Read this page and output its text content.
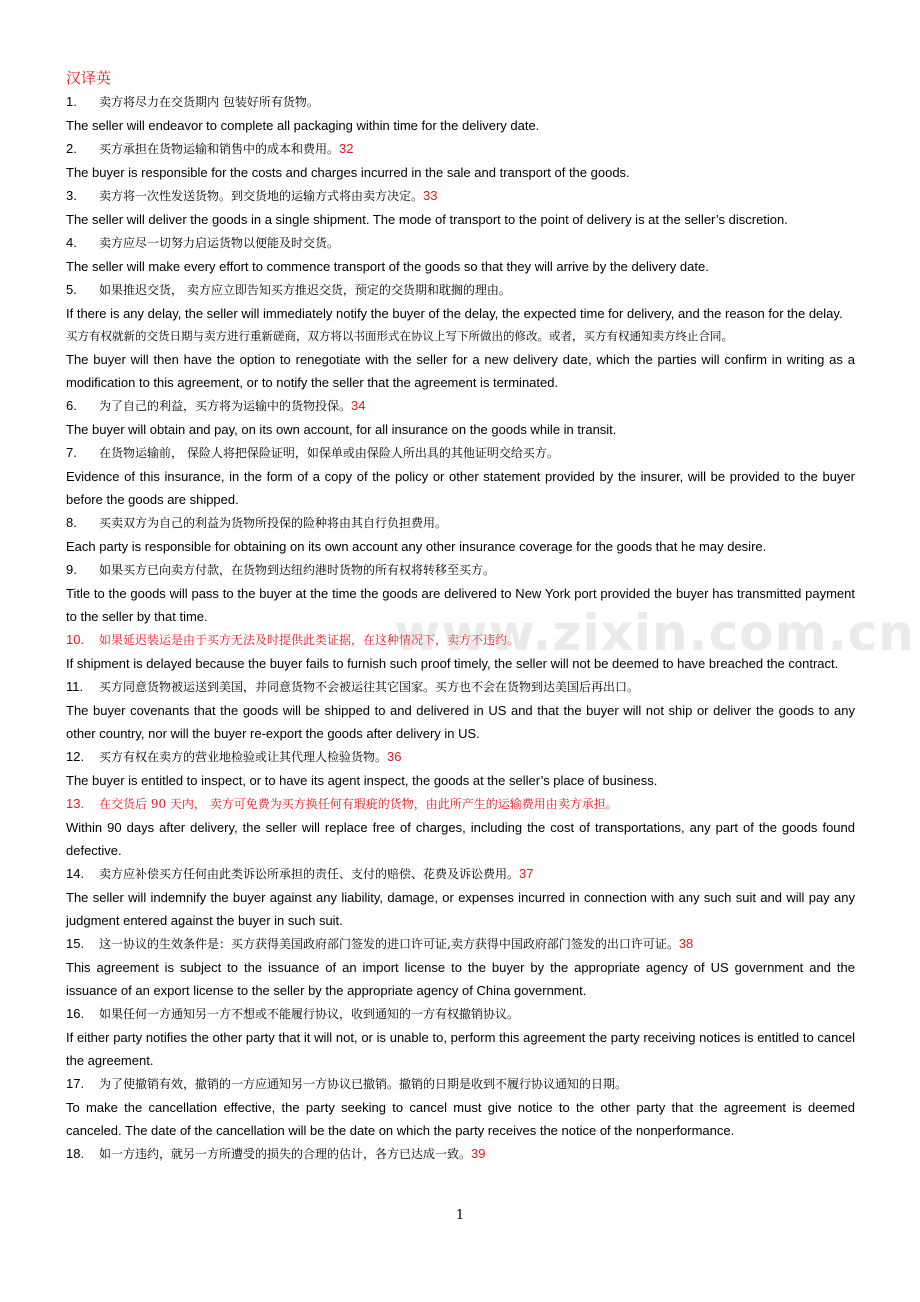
汉译英
1. 卖方将尽力在交货期内 包装好所有货物。
The seller will endeavor to complete all packaging within time for the delivery date.
2. 买方承担在货物运输和销售中的成本和费用。32
The buyer is responsible for the costs and charges incurred in the sale and transport of the goods.
3. 卖方将一次性发送货物。到交货地的运输方式将由卖方决定。33
The seller will deliver the goods in a single shipment. The mode of transport to the point of delivery is at the seller’s discretion.
4. 卖方应尽一切努力启运货物以便能及时交货。
The seller will make every effort to commence transport of the goods so that they will arrive by the delivery date.
5. 如果推迟交货， 卖方应立即告知买方推迟交货，预定的交货期和耽搁的理由。
If there is any delay, the seller will immediately notify the buyer of the delay, the expected time for delivery, and the reason for the delay.
买方有权就新的交货日期与卖方进行重新磋商，双方将以书面形式在协议上写下所做出的修改。或者，买方有权通知卖方终止合同。
The buyer will then have the option to renegotiate with the seller for a new delivery date, which the parties will confirm in writing as a modification to this agreement, or to notify the seller that the agreement is terminated.
6. 为了自己的利益，买方将为运输中的货物投保。34
The buyer will obtain and pay, on its own account, for all insurance on the goods while in transit.
7. 在货物运输前， 保险人将把保险证明，如保单或由保险人所出具的其他证明交给买方。
Evidence of this insurance, in the form of a copy of the policy or other statement provided by the insurer, will be provided to the buyer before the goods are shipped.
8. 买卖双方为自己的利益为货物所投保的险种将由其自行负担费用。
Each party is responsible for obtaining on its own account any other insurance coverage for the goods that he may desire.
9. 如果买方已向卖方付款，在货物到达纽约港时货物的所有权将转移至买方。
Title to the goods will pass to the buyer at the time the goods are delivered to New York port provided the buyer has transmitted payment to the seller by that time.
10. 如果延迟装运是由于买方无法及时提供此类证据，在这种情况下，卖方不违约。
If shipment is delayed because the buyer fails to furnish such proof timely, the seller will not be deemed to have breached the contract.
11. 买方同意货物被运送到美国，并同意货物不会被运往其它国家。买方也不会在货物到达美国后再出口。
The buyer covenants that the goods will be shipped to and delivered in US and that the buyer will not ship or deliver the goods to any other country, nor will the buyer re-export the goods after delivery in US.
12. 买方有权在卖方的营业地检验或让其代理人检验货物。36
The buyer is entitled to inspect, or to have its agent inspect, the goods at the seller’s place of business.
13. 在交货后 90 天内， 卖方可免费为买方换任何有瑕疵的货物，由此所产生的运输费用由卖方承担。
Within 90 days after delivery, the seller will replace free of charges, including the cost of transportations, any part of the goods found defective.
14. 卖方应补偿买方任何由此类诉讼所承担的责任、支付的赔偿、花费及诉讼费用。37
The seller will indemnify the buyer against any liability, damage, or expenses incurred in connection with any such suit and will pay any judgment entered against the buyer in such suit.
15. 这一协议的生效条件是：买方获得美国政府部门签发的进口许可证,卖方获得中国政府部门签发的出口许可证。38
This agreement is subject to the issuance of an import license to the buyer by the appropriate agency of US government and the issuance of an export license to the seller by the appropriate agency of China government.
16. 如果任何一方通知另一方不想或不能履行协议，收到通知的一方有权撤销协议。
If either party notifies the other party that it will not, or is unable to, perform this agreement the party receiving notices is entitled to cancel the agreement.
17. 为了使撤销有效，撤销的一方应通知另一方协议已撤销。撤销的日期是收到不履行协议通知的日期。
To make the cancellation effective, the party seeking to cancel must give notice to the other party that the agreement is deemed canceled. The date of the cancellation will be the date on which the party receives the notice of the nonperformance.
18. 如一方违约，就另一方所遭受的损失的合理的估计，各方已达成一致。39
www.zixin.com.cn
1
